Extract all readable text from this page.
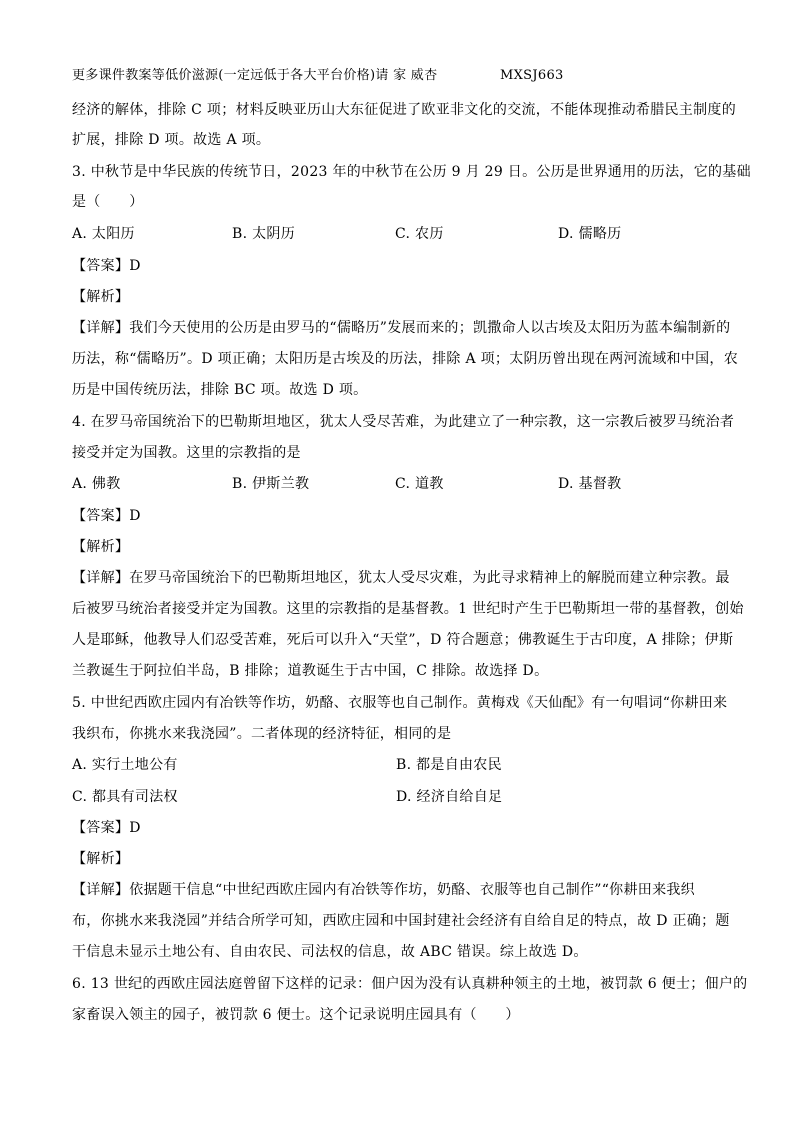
更多课件教案等低价滋源(一定远低于各大平台价格)请 家 威杏	MXSJ663
经济的解体，排除 C 项；材料反映亚历山大东征促进了欧亚非文化的交流，不能体现推动希腊民主制度的
扩展，排除 D 项。故选 A 项。
3. 中秋节是中华民族的传统节日，2023 年的中秋节在公历 9 月 29 日。公历是世界通用的历法，它的基础
是（　　）
A. 太阳历	B. 太阴历	C. 农历	D. 儒略历
【答案】D
【解析】
【详解】我们今天使用的公历是由罗马的“儒略历”发展而来的；凯撒命人以古埃及太阳历为蓝本编制新的
历法，称“儒略历”。D 项正确；太阳历是古埃及的历法，排除 A 项；太阴历曾出现在两河流域和中国，农
历是中国传统历法，排除 BC 项。故选 D 项。
4. 在罗马帝国统治下的巴勒斯坦地区，犹太人受尽苦难，为此建立了一种宗教，这一宗教后被罗马统治者
接受并定为国教。这里的宗教指的是
A. 佛教	B. 伊斯兰教	C. 道教	D. 基督教
【答案】D
【解析】
【详解】在罗马帝国统治下的巴勒斯坦地区，犹太人受尽灾难，为此寻求精神上的解脱而建立种宗教。最
后被罗马统治者接受并定为国教。这里的宗教指的是基督教。1 世纪时产生于巴勒斯坦一带的基督教，创始
人是耶稣，他教导人们忍受苦难，死后可以升入“天堂”，D 符合题意；佛教诞生于古印度，A 排除；伊斯
兰教诞生于阿拉伯半岛，B 排除；道教诞生于古中国，C 排除。故选择 D。
5. 中世纪西欧庄园内有冶铁等作坊，奶酪、衣服等也自己制作。黄梅戏《天仙配》有一句唱词“你耕田来
我织布，你挑水来我浇园”。二者体现的经济特征，相同的是
A. 实行土地公有	B. 都是自由农民
C. 都具有司法权	D. 经济自给自足
【答案】D
【解析】
【详解】依据题干信息“中世纪西欧庄园内有冶铁等作坊，奶酪、衣服等也自己制作”“你耕田来我织
布，你挑水来我浇园”并结合所学可知，西欧庄园和中国封建社会经济有自给自足的特点，故 D 正确；题
干信息未显示土地公有、自由农民、司法权的信息，故 ABC 错误。综上故选 D。
6. 13 世纪的西欧庄园法庭曾留下这样的记录：佃户因为没有认真耕种领主的土地，被罚款 6 便士；佃户的
家畜误入领主的园子，被罚款 6 便士。这个记录说明庄园具有（　　）
